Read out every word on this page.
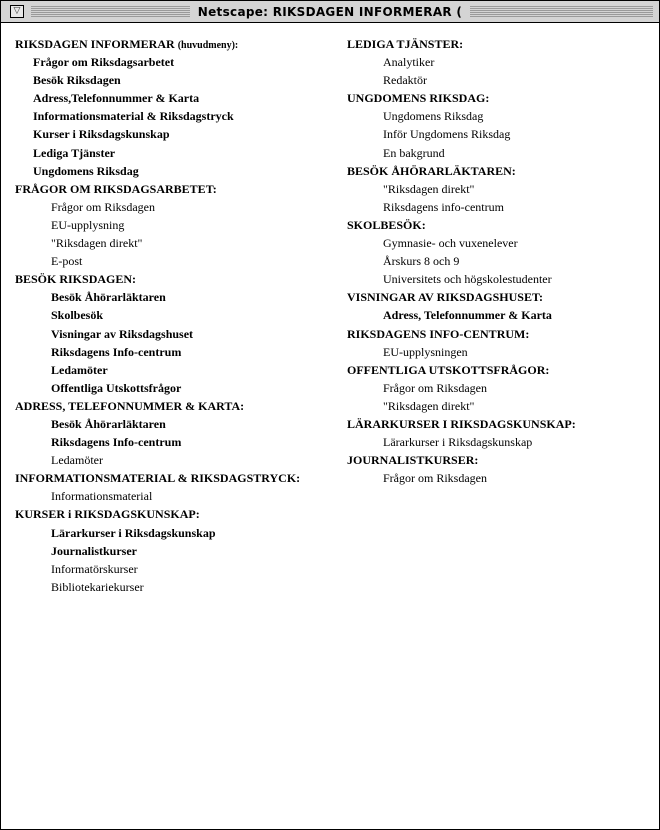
▽	Netscape: RIKSDAGEN INFORMERAR (
RIKSDAGEN INFORMERAR (huvudmeny):
Frågor om Riksdagsarbetet
Besök Riksdagen
Adress,Telefonnummer & Karta
Informationsmaterial & Riksdagstryck
Kurser i Riksdagskunskap
Lediga Tjänster
Ungdomens Riksdag
FRÅGOR OM RIKSDAGSARBETET:
Frågor om Riksdagen
EU-upplysning
"Riksdagen direkt"
E-post
BESÖK RIKSDAGEN:
Besök Åhörarläktaren
Skolbesök
Visningar av Riksdagshuset
Riksdagens Info-centrum
Ledamöter
Offentliga Utskottsfrågor
ADRESS, TELEFONNUMMER & KARTA:
Besök Åhörarläktaren
Riksdagens Info-centrum
Ledamöter
INFORMATIONSMATERIAL & RIKSDAGSTRYCK:
Informationsmaterial
KURSER i RIKSDAGSKUNSKAP:
Lärarkurser i Riksdagskunskap
Journalistkurser
Informatörskurser
Bibliotekariekurser
LEDIGA TJÄNSTER:
Analytiker
Redaktör
UNGDOMENS RIKSDAG:
Ungdomens Riksdag
Inför Ungdomens Riksdag
En bakgrund
BESÖK ÅHÖRARLÄKTAREN:
"Riksdagen direkt"
Riksdagens info-centrum
SKOLBESÖK:
Gymnasie- och vuxenelever
Årskurs 8 och 9
Universitets och högskolestudenter
VISNINGAR AV RIKSDAGSHUSET:
Adress, Telefonnummer & Karta
RIKSDAGENS INFO-CENTRUM:
EU-upplysningen
OFFENTLIGA UTSKOTTSFRÅGOR:
Frågor om Riksdagen
"Riksdagen direkt"
LÄRARKURSER I RIKSDAGSKUNSKAP:
Lärarkurser i Riksdagskunskap
JOURNALISTKURSER:
Frågor om Riksdagen
